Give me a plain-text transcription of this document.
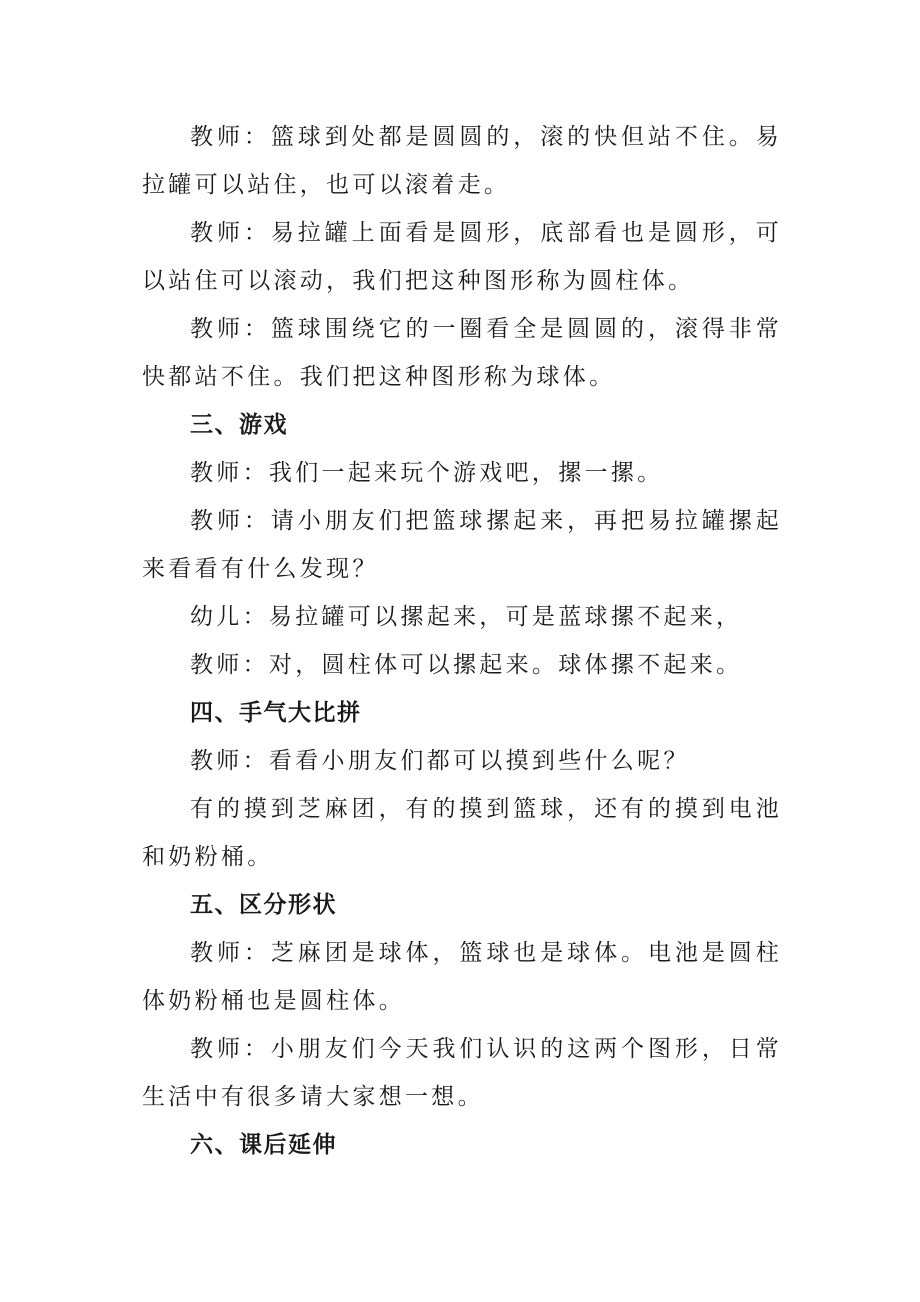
教师：篮球到处都是圆圆的，滚的快但站不住。易拉罐可以站住，也可以滚着走。

教师：易拉罐上面看是圆形，底部看也是圆形，可以站住可以滚动，我们把这种图形称为圆柱体。

教师：篮球围绕它的一圈看全是圆圆的，滚得非常快都站不住。我们把这种图形称为球体。

三、游戏

教师：我们一起来玩个游戏吧，摞一摞。

教师：请小朋友们把篮球摞起来，再把易拉罐摞起来看看有什么发现？

幼儿：易拉罐可以摞起来，可是蓝球摞不起来，

教师：对，圆柱体可以摞起来。球体摞不起来。

四、手气大比拼

教师：看看小朋友们都可以摸到些什么呢？

有的摸到芝麻团，有的摸到篮球，还有的摸到电池和奶粉桶。

五、区分形状

教师：芝麻团是球体，篮球也是球体。电池是圆柱体奶粉桶也是圆柱体。

教师：小朋友们今天我们认识的这两个图形，日常生活中有很多请大家想一想。

六、课后延伸
